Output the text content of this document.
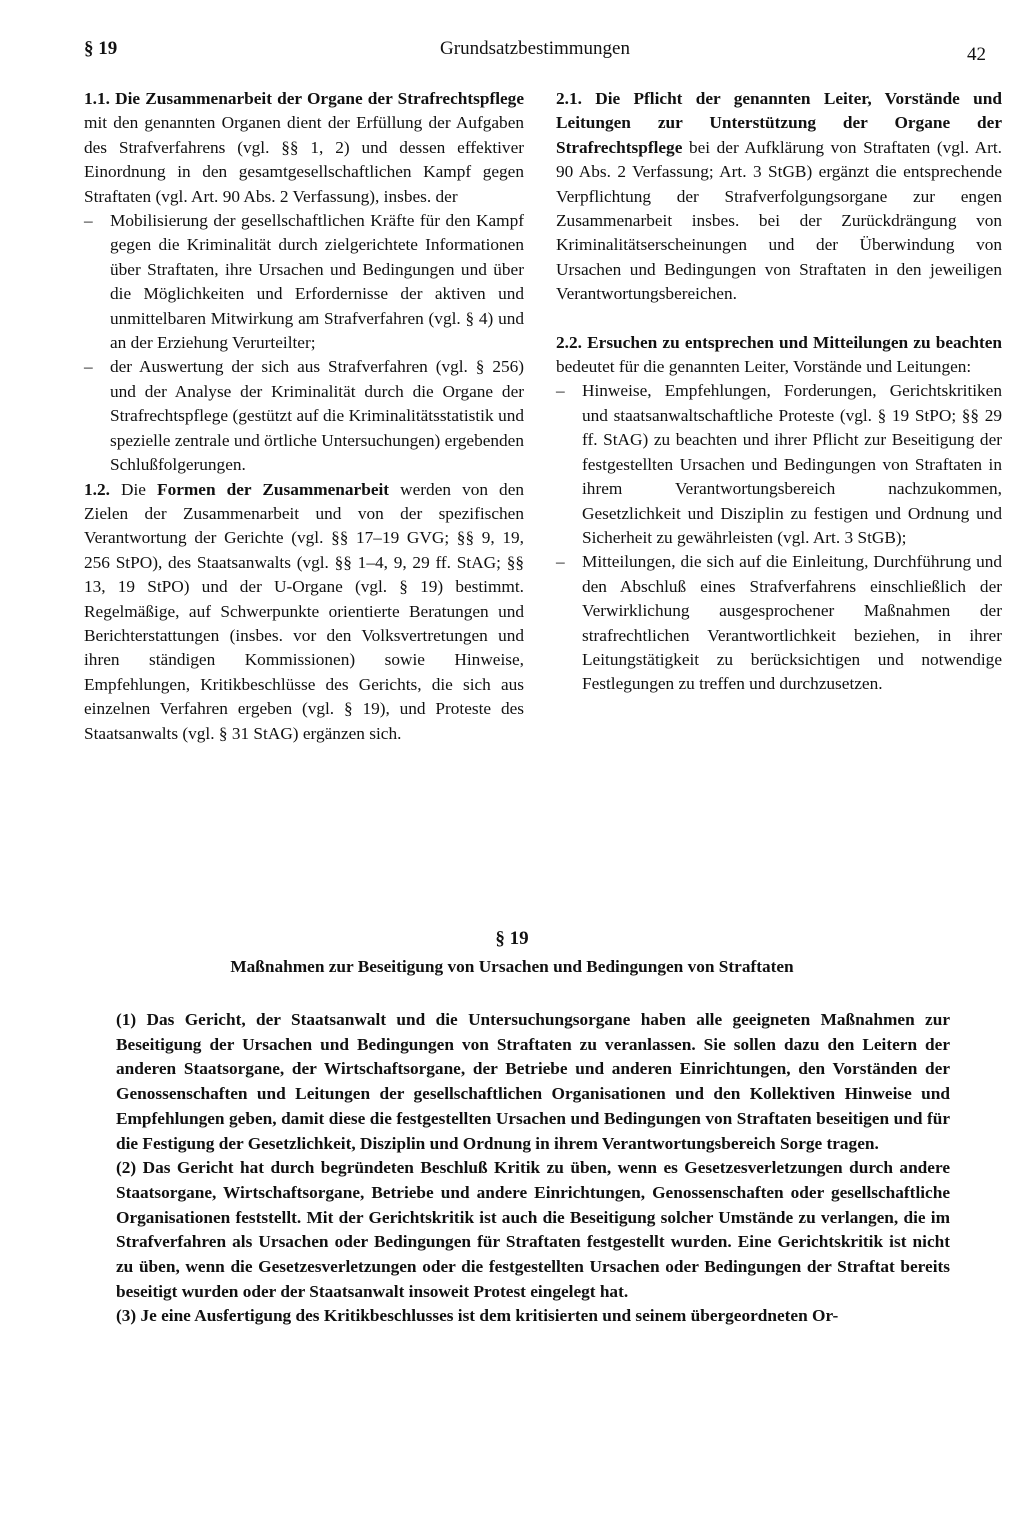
§ 19	Grundsatzbestimmungen	42

1.1. Die Zusammenarbeit der Organe der Strafrechtspflege mit den genannten Organen dient der Erfüllung der Aufgaben des Strafverfahrens (vgl. §§ 1, 2) und dessen effektiver Einordnung in den gesamtgesellschaftlichen Kampf gegen Straftaten (vgl. Art. 90 Abs. 2 Verfassung), insbes. der

– Mobilisierung der gesellschaftlichen Kräfte für den Kampf gegen die Kriminalität durch zielgerichtete Informationen über Straftaten, ihre Ursachen und Bedingungen und über die Möglichkeiten und Erfordernisse der aktiven und unmittelbaren Mitwirkung am Strafverfahren (vgl. § 4) und an der Erziehung Verurteilter;
– der Auswertung der sich aus Strafverfahren (vgl. § 256) und der Analyse der Kriminalität durch die Organe der Strafrechtspflege (gestützt auf die Kriminalitätsstatistik und spezielle zentrale und örtliche Untersuchungen) ergebenden Schlußfolgerungen.

1.2. Die Formen der Zusammenarbeit werden von den Zielen der Zusammenarbeit und von der spezifischen Verantwortung der Gerichte (vgl. §§ 17–19 GVG; §§ 9, 19, 256 StPO), des Staatsanwalts (vgl. §§ 1–4, 9, 29 ff. StAG; §§ 13, 19 StPO) und der U-Organe (vgl. § 19) bestimmt. Regelmäßige, auf Schwerpunkte orientierte Beratungen und Berichterstattungen (insbes. vor den Volksvertretungen und ihren ständigen Kommissionen) sowie Hinweise, Empfehlungen, Kritikbeschlüsse des Gerichts, die sich aus einzelnen Verfahren ergeben (vgl. § 19), und Proteste des Staatsanwalts (vgl. § 31 StAG) ergänzen sich.

2.1. Die Pflicht der genannten Leiter, Vorstände und Leitungen zur Unterstützung der Organe der Strafrechtspflege bei der Aufklärung von Straftaten (vgl. Art. 90 Abs. 2 Verfassung; Art. 3 StGB) ergänzt die entsprechende Verpflichtung der Strafverfolgungsorgane zur engen Zusammenarbeit insbes. bei der Zurückdrängung von Kriminalitätserscheinungen und der Überwindung von Ursachen und Bedingungen von Straftaten in den jeweiligen Verantwortungsbereichen.

2.2. Ersuchen zu entsprechen und Mitteilungen zu beachten bedeutet für die genannten Leiter, Vorstände und Leitungen:

– Hinweise, Empfehlungen, Forderungen, Gerichtskritiken und staatsanwaltschaftliche Proteste (vgl. § 19 StPO; §§ 29 ff. StAG) zu beachten und ihrer Pflicht zur Beseitigung der festgestellten Ursachen und Bedingungen von Straftaten in ihrem Verantwortungsbereich nachzukommen, Gesetzlichkeit und Disziplin zu festigen und Ordnung und Sicherheit zu gewährleisten (vgl. Art. 3 StGB);
– Mitteilungen, die sich auf die Einleitung, Durchführung und den Abschluß eines Strafverfahrens einschließlich der Verwirklichung ausgesprochener Maßnahmen der strafrechtlichen Verantwortlichkeit beziehen, in ihrer Leitungstätigkeit zu berücksichtigen und notwendige Festlegungen zu treffen und durchzusetzen.
§ 19
Maßnahmen zur Beseitigung von Ursachen und Bedingungen von Straftaten

(1) Das Gericht, der Staatsanwalt und die Untersuchungsorgane haben alle geeigneten Maßnahmen zur Beseitigung der Ursachen und Bedingungen von Straftaten zu veranlassen. Sie sollen dazu den Leitern der anderen Staatsorgane, der Wirtschaftsorgane, der Betriebe und anderen Einrichtungen, den Vorständen der Genossenschaften und Leitungen der gesellschaftlichen Organisationen und den Kollektiven Hinweise und Empfehlungen geben, damit diese die festgestellten Ursachen und Bedingungen von Straftaten beseitigen und für die Festigung der Gesetzlichkeit, Disziplin und Ordnung in ihrem Verantwortungsbereich Sorge tragen.

(2) Das Gericht hat durch begründeten Beschluß Kritik zu üben, wenn es Gesetzesverletzungen durch andere Staatsorgane, Wirtschaftsorgane, Betriebe und andere Einrichtungen, Genossenschaften oder gesellschaftliche Organisationen feststellt. Mit der Gerichtskritik ist auch die Beseitigung solcher Umstände zu verlangen, die im Strafverfahren als Ursachen oder Bedingungen für Straftaten festgestellt wurden. Eine Gerichtskritik ist nicht zu üben, wenn die Gesetzesverletzungen oder die festgestellten Ursachen oder Bedingungen der Straftat bereits beseitigt wurden oder der Staatsanwalt insoweit Protest eingelegt hat.

(3) Je eine Ausfertigung des Kritikbeschlusses ist dem kritisierten und seinem übergeordneten Or-
